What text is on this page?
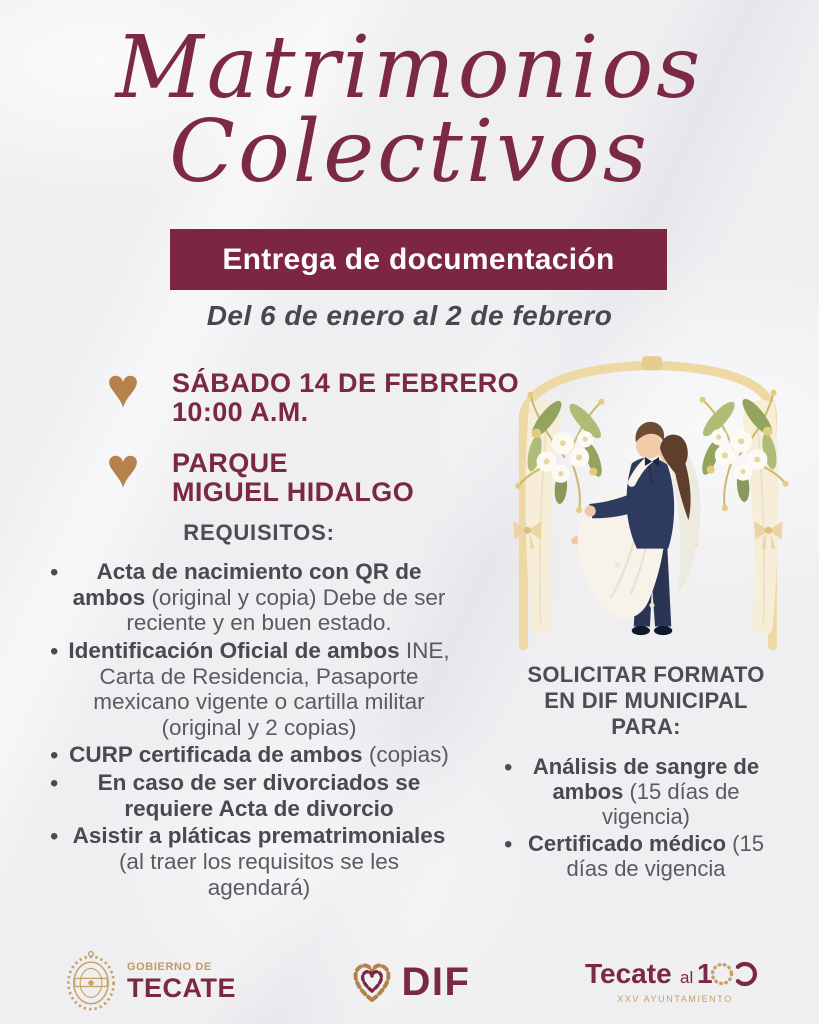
Matrimonios
Colectivos
Entrega de documentación
Del 6 de enero al 2 de febrero
♥
SÁBADO 14 DE FEBRERO
10:00 A.M.
♥
PARQUE
MIGUEL HIDALGO
REQUISITOS:
• Acta de nacimiento con QR de ambos (original y copia) Debe de ser reciente y en buen estado.
• Identificación Oficial de ambos INE, Carta de Residencia, Pasaporte mexicano vigente o cartilla militar (original y 2 copias)
• CURP certificada de ambos (copias)
• En caso de ser divorciados se requiere Acta de divorcio
• Asistir a pláticas prematrimoniales (al traer los requisitos se les agendará)
SOLICITAR FORMATO EN DIF MUNICIPAL PARA:
• Análisis de sangre de ambos (15 días de vigencia)
• Certificado médico (15 días de vigencia
GOBIERNO DE
TECATE	DIF	Tecate al 1
XXV AYUNTAMIENTO
